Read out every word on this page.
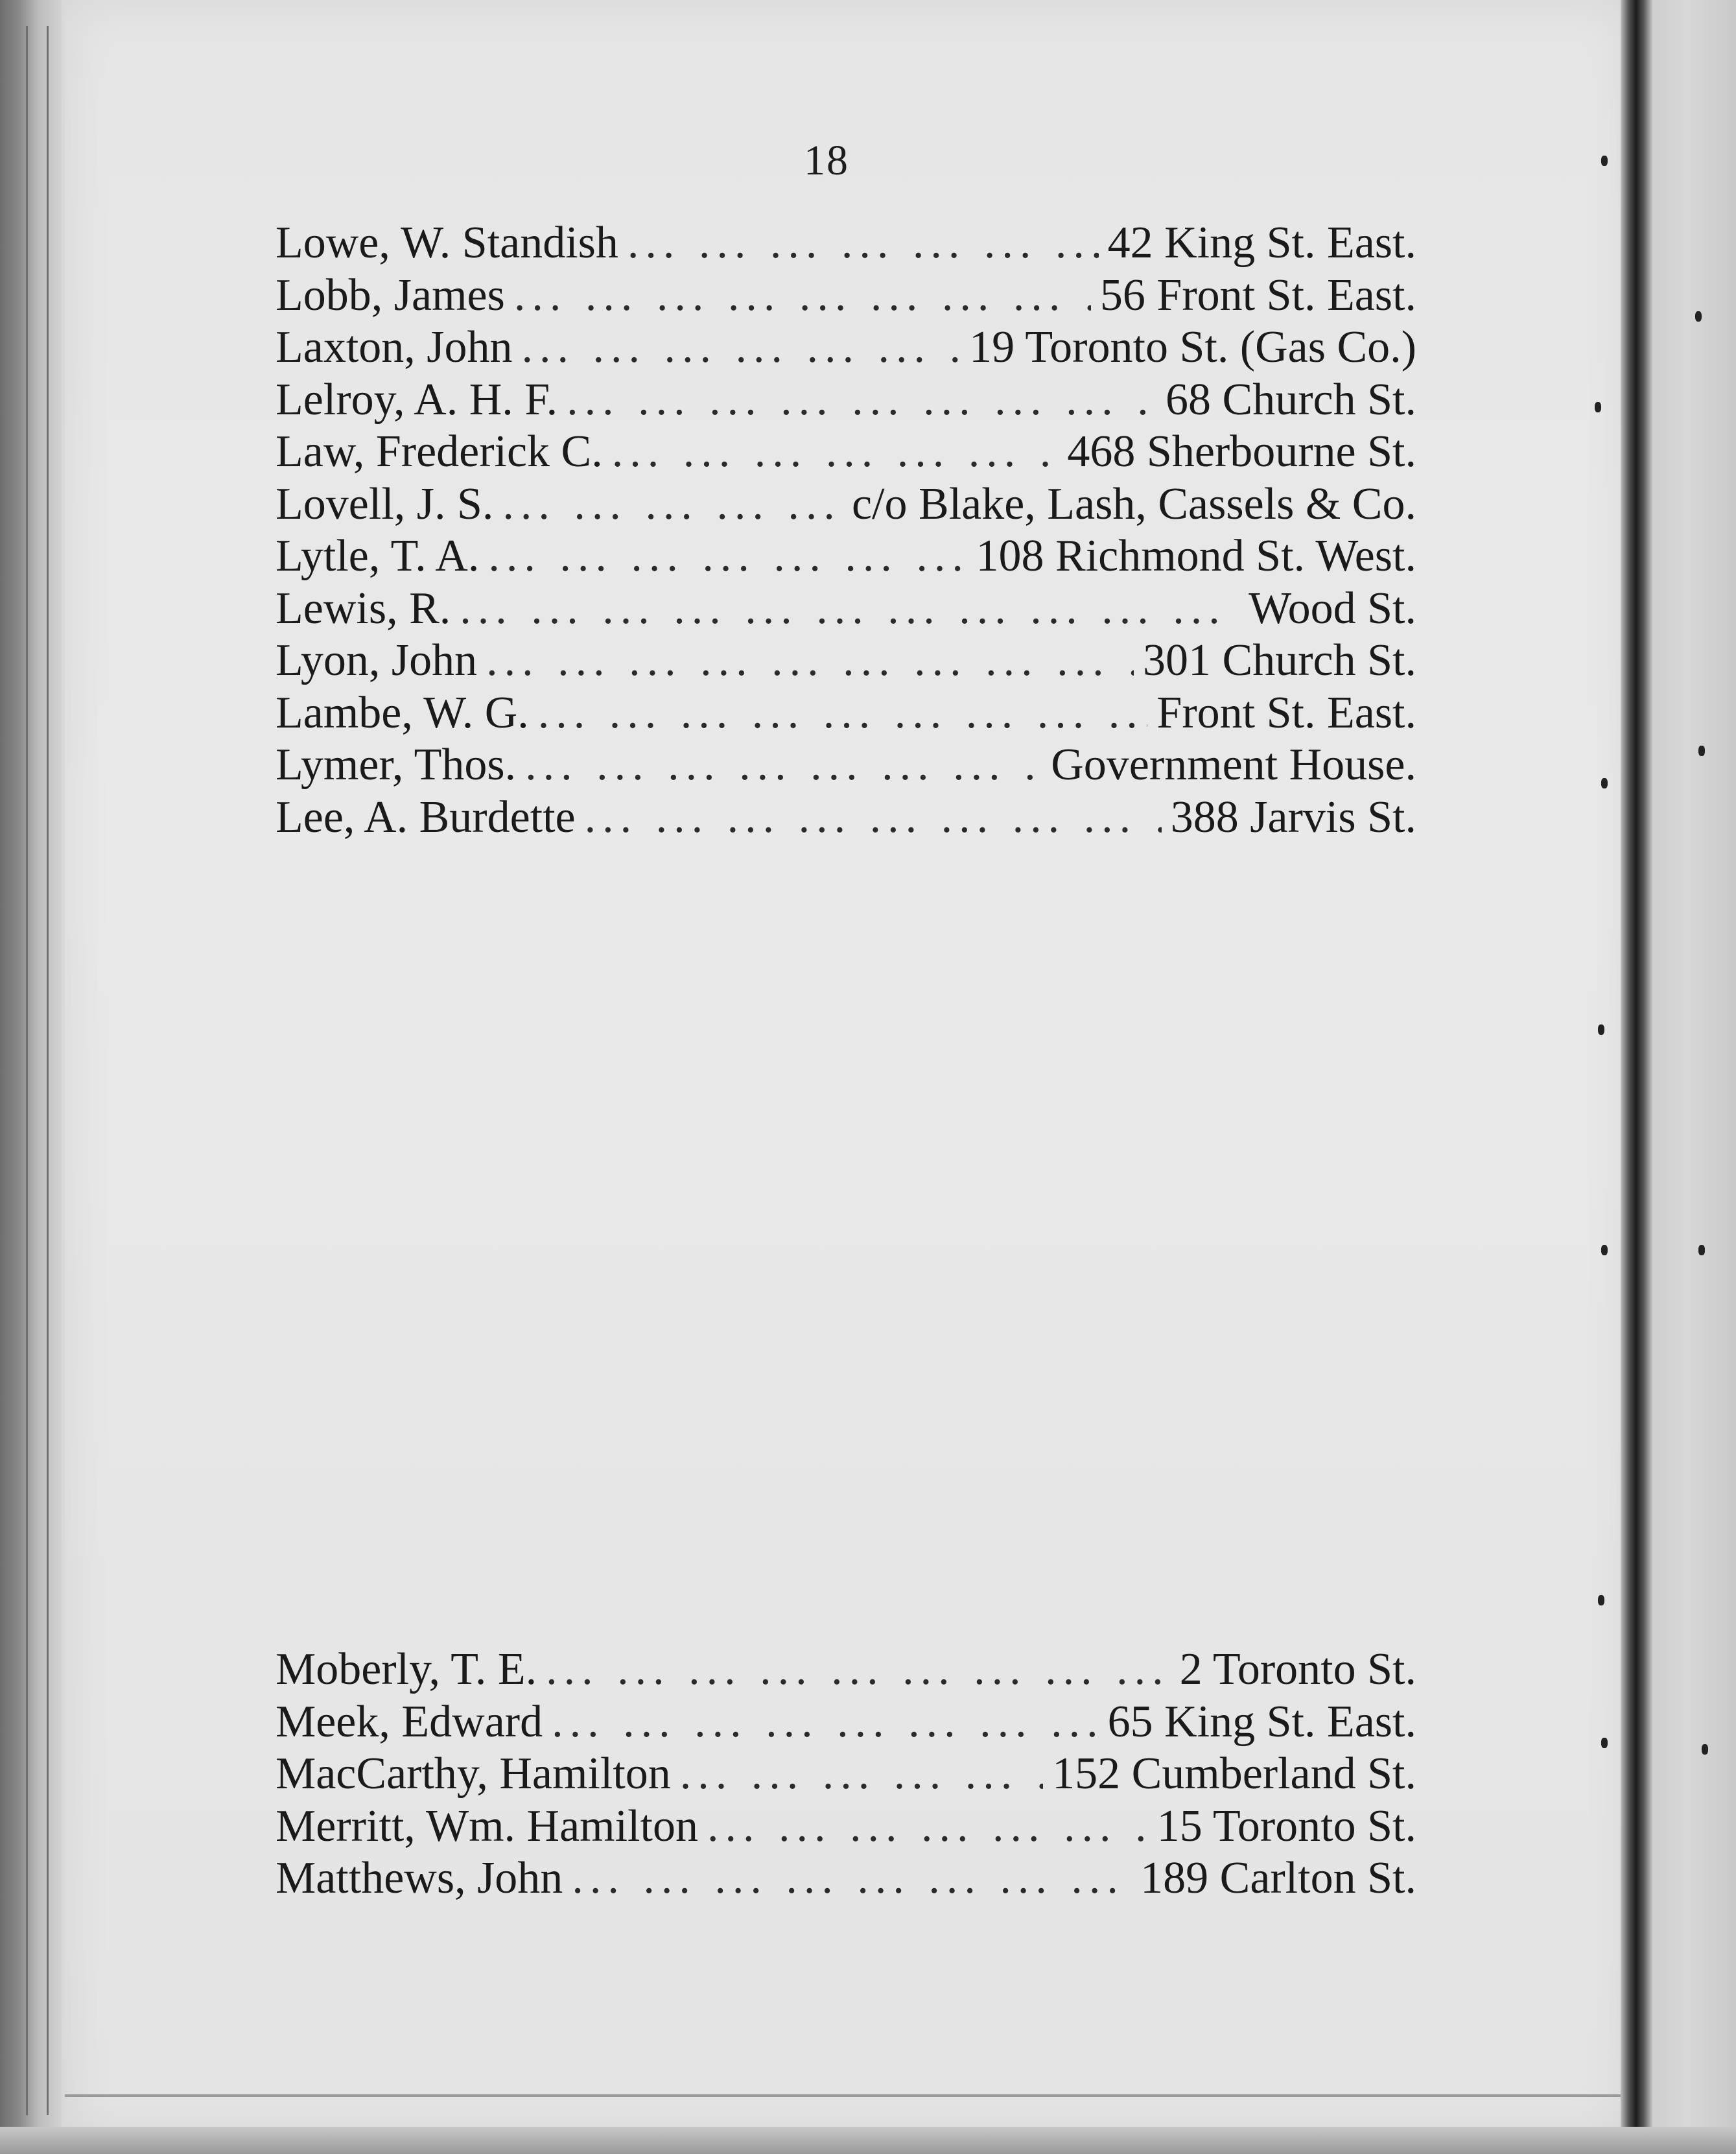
18
Lowe, W. Standish ... .	42 King St. East.
Lobb, James ... .	56 Front St. East.
Laxton, John ... .	19 Toronto St. (Gas Co.)
Lelroy, A. H. F. ... .	68 Church St.
Law, Frederick C. ... .	468 Sherbourne St.
Lovell, J. S. ... .	c/o Blake, Lash, Cassels & Co.
Lytle, T. A. ... .	108 Richmond St. West.
Lewis, R. ... .	Wood St.
Lyon, John ... .	301 Church St.
Lambe, W. G. ... .	Front St. East.
Lymer, Thos. ... .	Government House.
Lee, A. Burdette ... .	388 Jarvis St.
Moberly, T. E. ... .	2 Toronto St.
Meek, Edward ... .	65 King St. East.
MacCarthy, Hamilton ... .	152 Cumberland St.
Merritt, Wm. Hamilton ... .	15 Toronto St.
Matthews, John ... .	189 Carlton St.
